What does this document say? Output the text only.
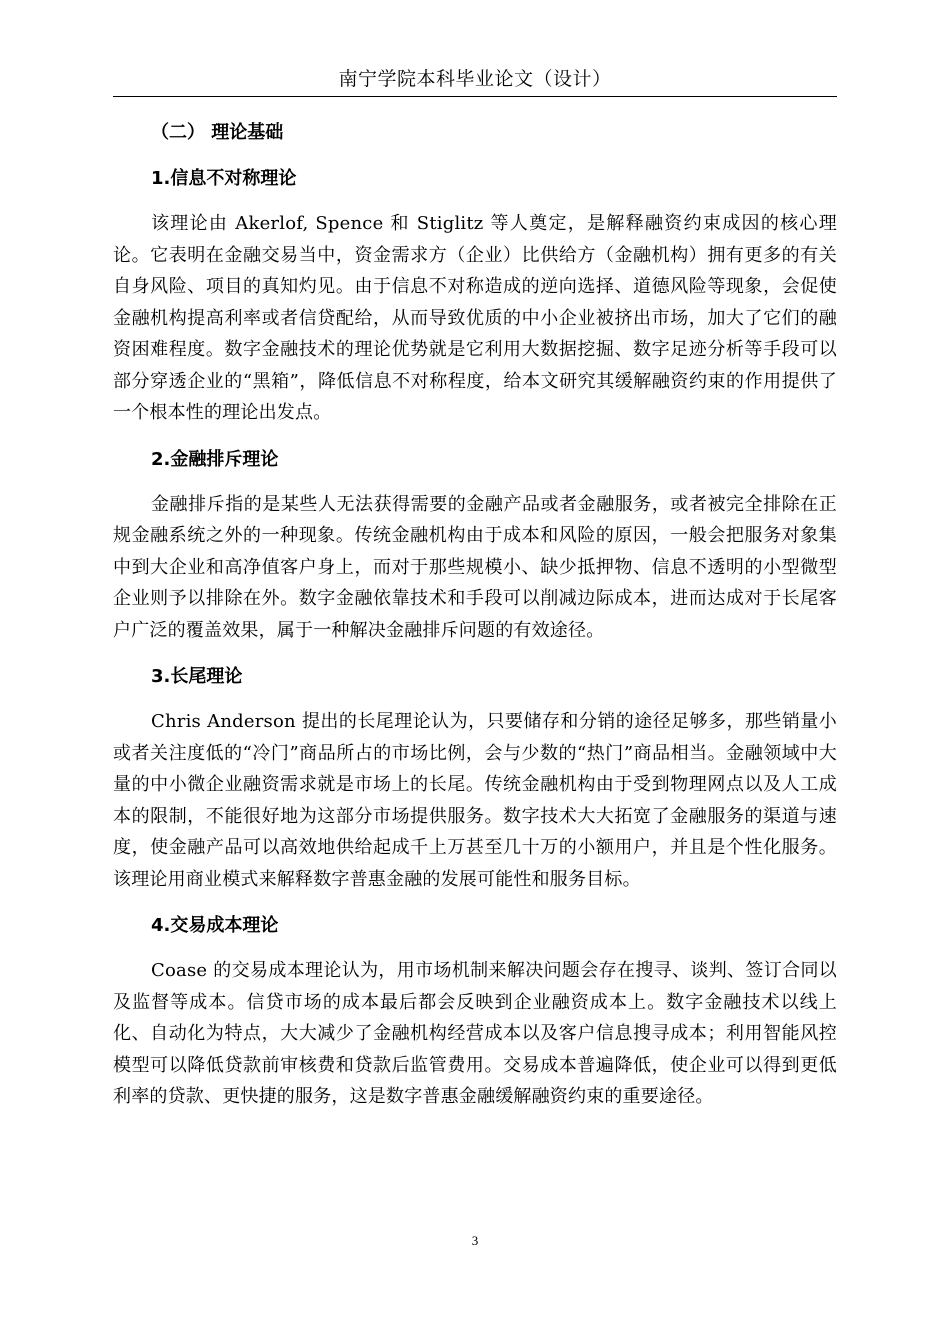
南宁学院本科毕业论文（设计）
（二） 理论基础
1.信息不对称理论

该理论由 Akerlof, Spence 和 Stiglitz 等人奠定，是解释融资约束成因的核心理论。它表明在金融交易当中，资金需求方（企业）比供给方（金融机构）拥有更多的有关自身风险、项目的真知灼见。由于信息不对称造成的逆向选择、道德风险等现象，会促使金融机构提高利率或者信贷配给，从而导致优质的中小企业被挤出市场，加大了它们的融资困难程度。数字金融技术的理论优势就是它利用大数据挖掘、数字足迹分析等手段可以部分穿透企业的“黑箱”，降低信息不对称程度，给本文研究其缓解融资约束的作用提供了一个根本性的理论出发点。

2.金融排斥理论

金融排斥指的是某些人无法获得需要的金融产品或者金融服务，或者被完全排除在正规金融系统之外的一种现象。传统金融机构由于成本和风险的原因，一般会把服务对象集中到大企业和高净值客户身上，而对于那些规模小、缺少抵押物、信息不透明的小型微型企业则予以排除在外。数字金融依靠技术和手段可以削减边际成本，进而达成对于长尾客户广泛的覆盖效果，属于一种解决金融排斥问题的有效途径。

3.长尾理论

Chris Anderson 提出的长尾理论认为，只要储存和分销的途径足够多，那些销量小或者关注度低的“冷门”商品所占的市场比例，会与少数的“热门”商品相当。金融领域中大量的中小微企业融资需求就是市场上的长尾。传统金融机构由于受到物理网点以及人工成本的限制，不能很好地为这部分市场提供服务。数字技术大大拓宽了金融服务的渠道与速度，使金融产品可以高效地供给起成千上万甚至几十万的小额用户，并且是个性化服务。该理论用商业模式来解释数字普惠金融的发展可能性和服务目标。

4.交易成本理论

Coase 的交易成本理论认为，用市场机制来解决问题会存在搜寻、谈判、签订合同以及监督等成本。信贷市场的成本最后都会反映到企业融资成本上。数字金融技术以线上化、自动化为特点，大大减少了金融机构经营成本以及客户信息搜寻成本；利用智能风控模型可以降低贷款前审核费和贷款后监管费用。交易成本普遍降低，使企业可以得到更低利率的贷款、更快捷的服务，这是数字普惠金融缓解融资约束的重要途径。

3
